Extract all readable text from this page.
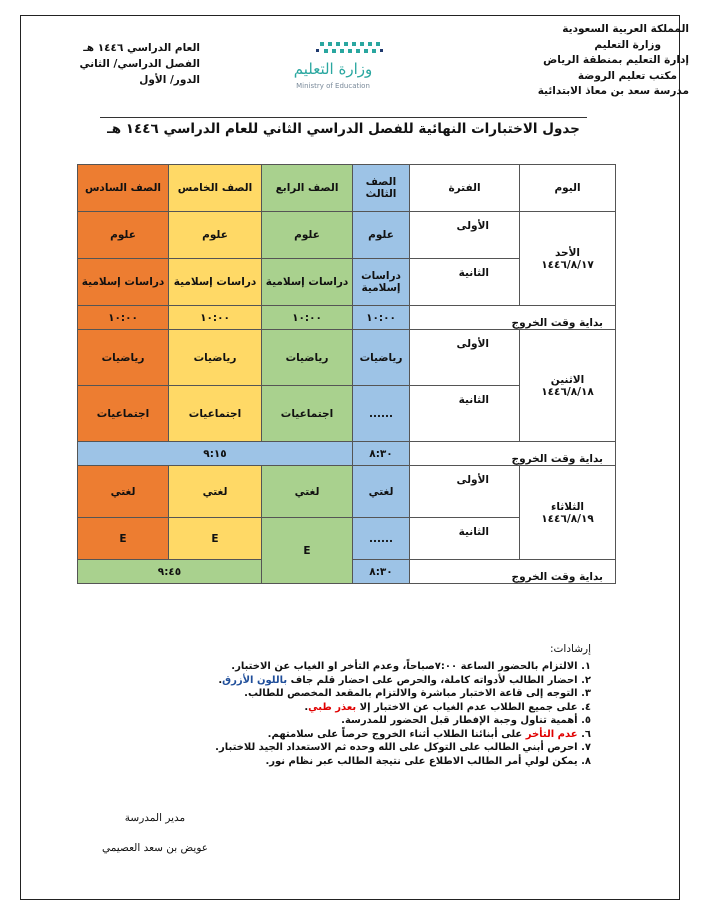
المملكة العربية السعودية
وزارة التعليم
إدارة التعليم بمنطقة الرياض
مكتب تعليم الروضة
مدرسة سعد بن معاذ الابتدائية
وزارة التعليم
Ministry of Education
العام الدراسي ١٤٤٦ هـ
الفصل الدراسي/ الثاني
الدور/ الأول
جدول الاختبارات النهائية للفصل الدراسي الثاني للعام الدراسي ١٤٤٦ هـ
اليوم	الفترة	الصف الثالث	الصف الرابع	الصف الخامس	الصف السادس

الأحد
١٤٤٦/٨/١٧	الأولى	علوم	علوم	علوم	علوم
	الثانية	دراسات إسلامية	دراسات إسلامية	دراسات إسلامية	دراسات إسلامية
بداية وقت الخروج		١٠:٠٠	١٠:٠٠	١٠:٠٠	١٠:٠٠

الاثنين
١٤٤٦/٨/١٨	الأولى	رياضيات	رياضيات	رياضيات	رياضيات
	الثانية	......	اجتماعيات	اجتماعيات	اجتماعيات
بداية وقت الخروج		٨:٣٠	٩:١٥		

الثلاثاء
١٤٤٦/٨/١٩	الأولى	لغتي	لغتي	لغتي	لغتي
	الثانية	......	E	E	E
بداية وقت الخروج		٨:٣٠		٩:٤٥	
إرشادات:
١. الالتزام بالحضور الساعة ٧:٠٠صباحاً، وعدم التأخر او الغياب عن الاختبار.
٢. احضار الطالب لأدواته كاملة، والحرص على احضار قلم جاف باللون الأزرق.
٣. التوجه إلى قاعة الاختبار مباشرة والالتزام بالمقعد المخصص للطالب.
٤. على جميع الطلاب عدم الغياب عن الاختبار إلا بعذر طبي.
٥. أهمية تناول وجبة الإفطار قبل الحضور للمدرسة.
٦. عدم التأخر على أبنائنا الطلاب أثناء الخروج حرصاً على سلامتهم.
٧. احرص أبني الطالب على التوكل على الله وحده ثم الاستعداد الجيد للاختبار.
٨. يمكن لولي أمر الطالب الاطلاع على نتيجة الطالب عبر نظام نور.
مدير المدرسة
عويض بن سعد العصيمي
